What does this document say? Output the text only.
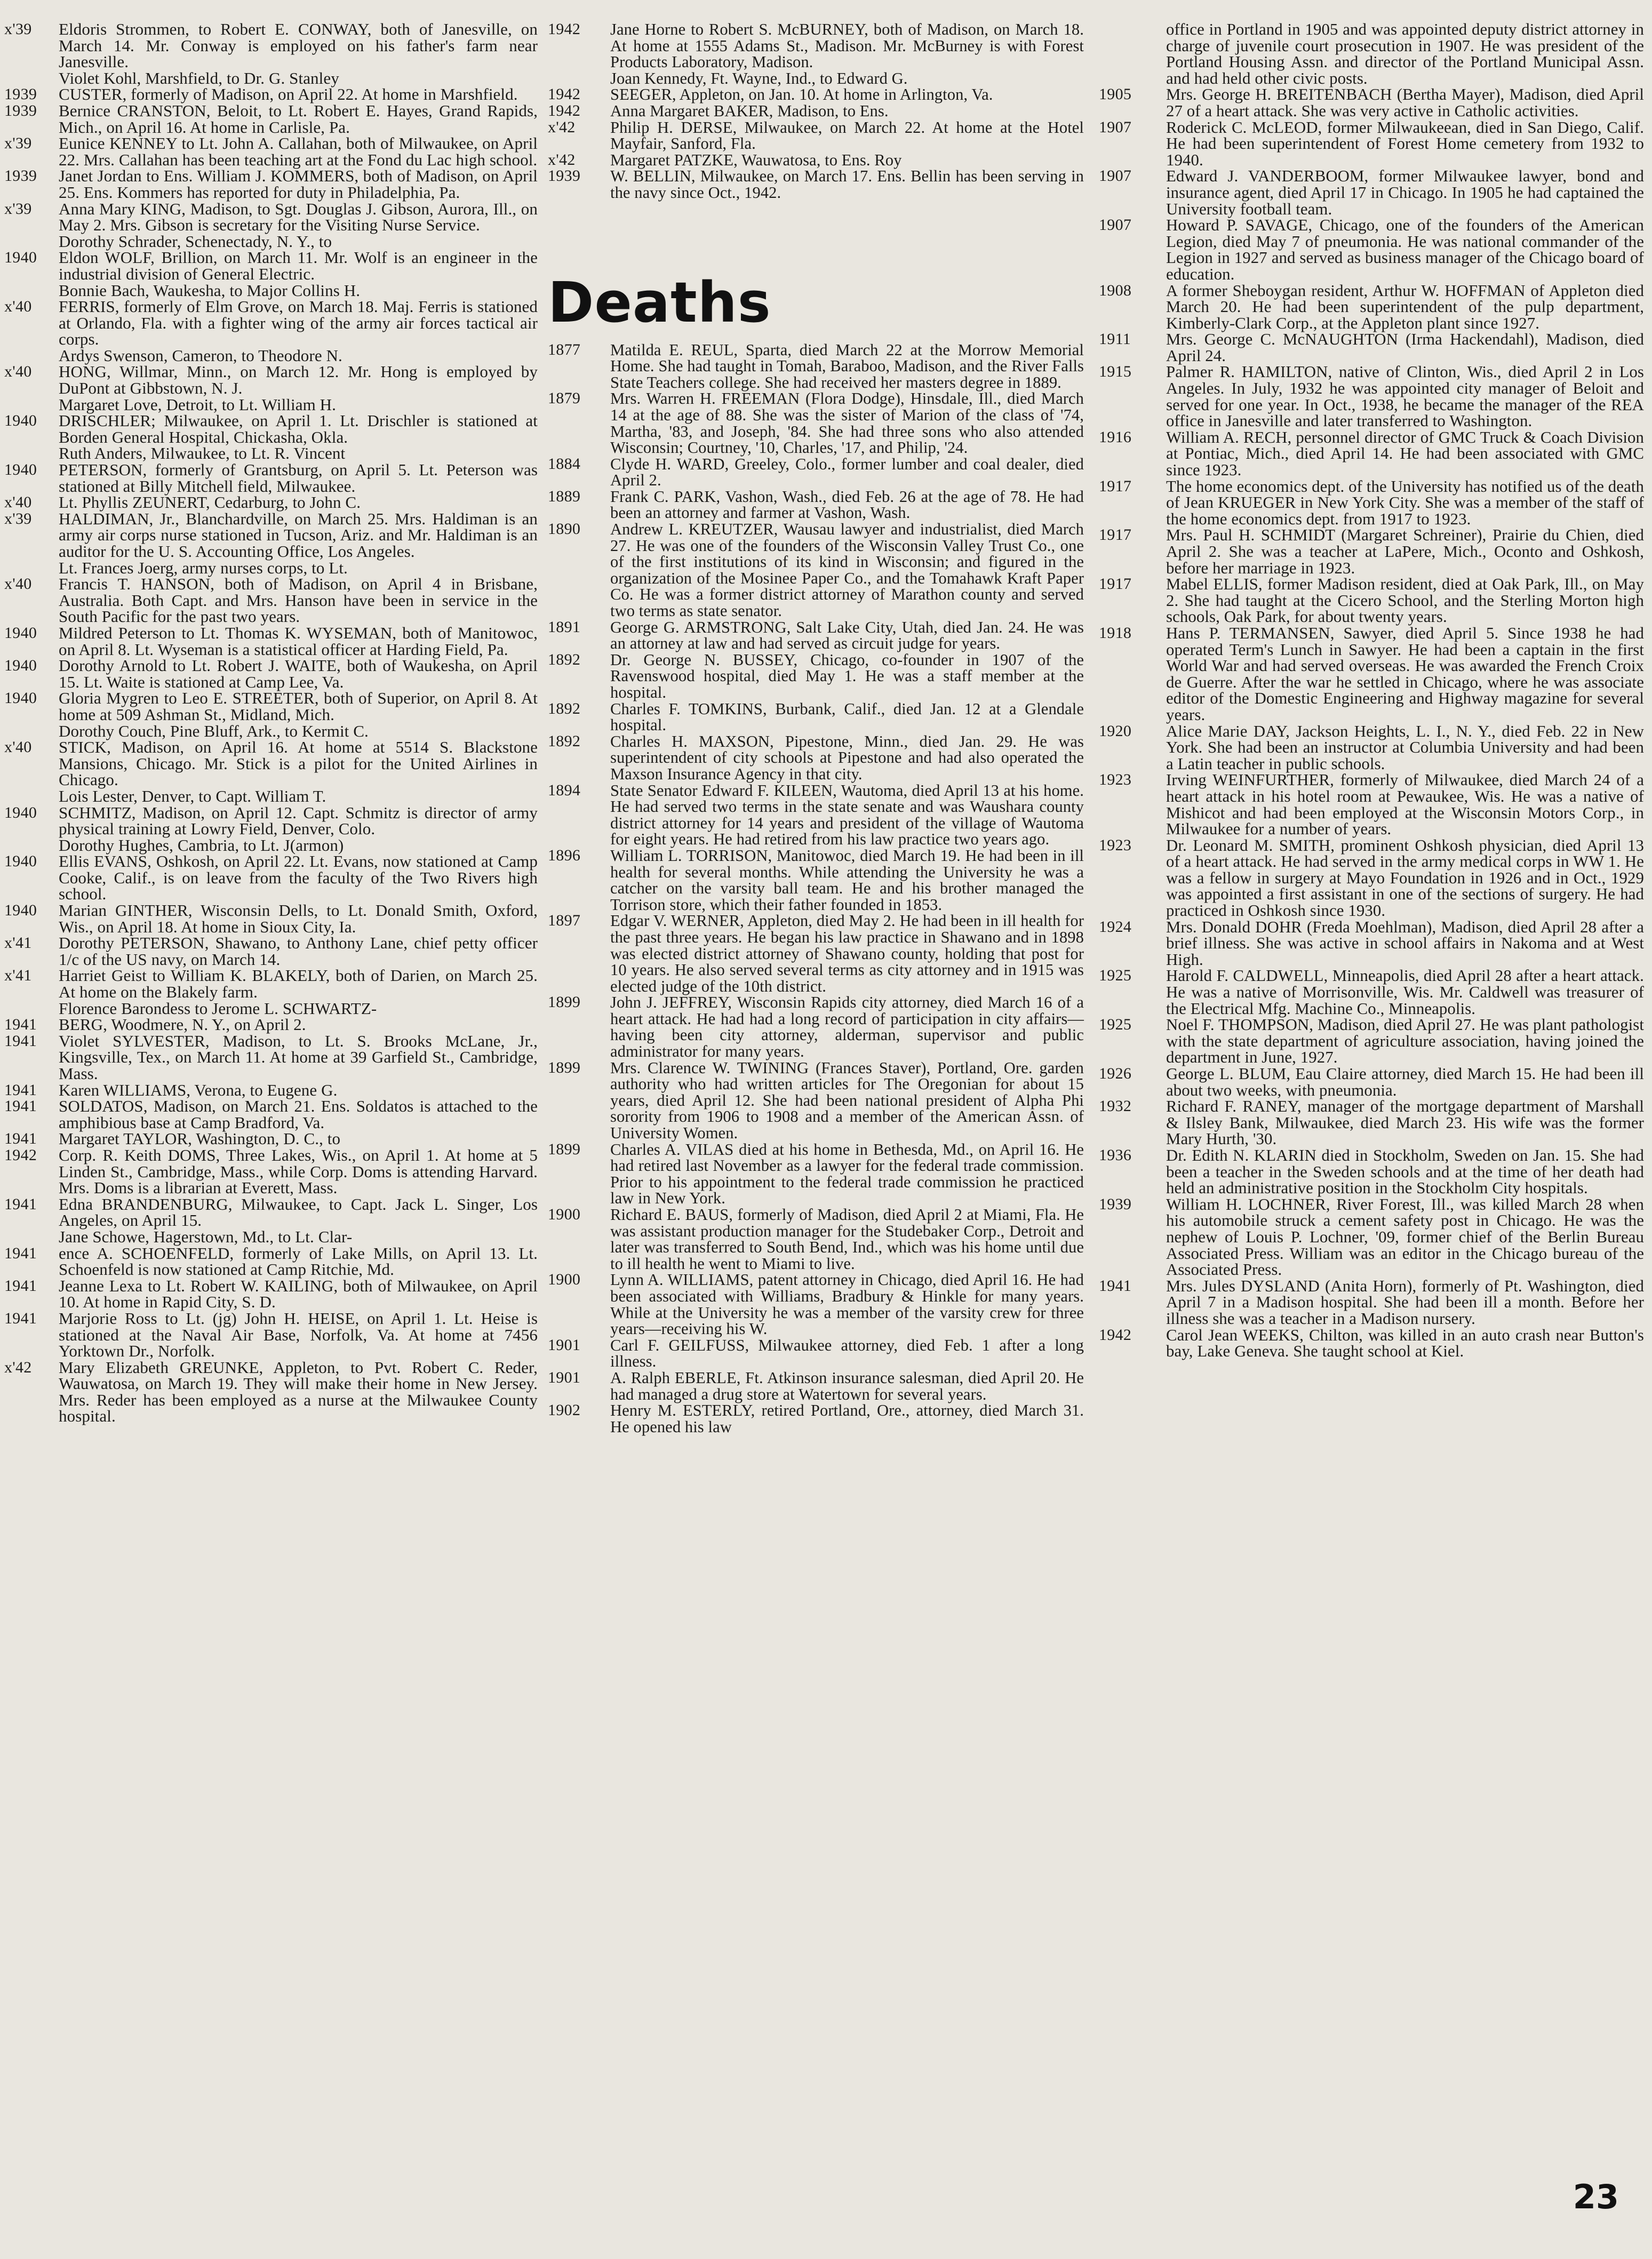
x'39	Eldoris Strommen, to Robert E. CONWAY, both of Janesville, on March 14. Mr. Conway is employed on his father's farm near Janesville.
Violet Kohl, Marshfield, to Dr. G. Stanley
1939	CUSTER, formerly of Madison, on April 22. At home in Marshfield.
1939	Bernice CRANSTON, Beloit, to Lt. Robert E. Hayes, Grand Rapids, Mich., on April 16. At home in Carlisle, Pa.
x'39	Eunice KENNEY to Lt. John A. Callahan, both of Milwaukee, on April 22. Mrs. Callahan has been teaching art at the Fond du Lac high school.
1939	Janet Jordan to Ens. William J. KOMMERS, both of Madison, on April 25. Ens. Kommers has reported for duty in Philadelphia, Pa.
x'39	Anna Mary KING, Madison, to Sgt. Douglas J. Gibson, Aurora, Ill., on May 2. Mrs. Gibson is secretary for the Visiting Nurse Service.
Dorothy Schrader, Schenectady, N. Y., to
1940	Eldon WOLF, Brillion, on March 11. Mr. Wolf is an engineer in the industrial division of General Electric.
Bonnie Bach, Waukesha, to Major Collins H.
x'40	FERRIS, formerly of Elm Grove, on March 18. Maj. Ferris is stationed at Orlando, Fla. with a fighter wing of the army air forces tactical air corps.
Ardys Swenson, Cameron, to Theodore N.
x'40	HONG, Willmar, Minn., on March 12. Mr. Hong is employed by DuPont at Gibbstown, N. J.
Margaret Love, Detroit, to Lt. William H.
1940	DRISCHLER; Milwaukee, on April 1. Lt. Drischler is stationed at Borden General Hospital, Chickasha, Okla.
Ruth Anders, Milwaukee, to Lt. R. Vincent
1940	PETERSON, formerly of Grantsburg, on April 5. Lt. Peterson was stationed at Billy Mitchell field, Milwaukee.
x'40	Lt. Phyllis ZEUNERT, Cedarburg, to John C.
x'39	HALDIMAN, Jr., Blanchardville, on March 25. Mrs. Haldiman is an army air corps nurse stationed in Tucson, Ariz. and Mr. Haldiman is an auditor for the U. S. Accounting Office, Los Angeles.
Lt. Frances Joerg, army nurses corps, to Lt.
x'40	Francis T. HANSON, both of Madison, on April 4 in Brisbane, Australia. Both Capt. and Mrs. Hanson have been in service in the South Pacific for the past two years.
1940	Mildred Peterson to Lt. Thomas K. WYSEMAN, both of Manitowoc, on April 8. Lt. Wyseman is a statistical officer at Harding Field, Pa.
1940	Dorothy Arnold to Lt. Robert J. WAITE, both of Waukesha, on April 15. Lt. Waite is stationed at Camp Lee, Va.
1940	Gloria Mygren to Leo E. STREETER, both of Superior, on April 8. At home at 509 Ashman St., Midland, Mich.
Dorothy Couch, Pine Bluff, Ark., to Kermit C.
x'40	STICK, Madison, on April 16. At home at 5514 S. Blackstone Mansions, Chicago. Mr. Stick is a pilot for the United Airlines in Chicago.
Lois Lester, Denver, to Capt. William T.
1940	SCHMITZ, Madison, on April 12. Capt. Schmitz is director of army physical training at Lowry Field, Denver, Colo.
Dorothy Hughes, Cambria, to Lt. J(armon)
1940	Ellis EVANS, Oshkosh, on April 22. Lt. Evans, now stationed at Camp Cooke, Calif., is on leave from the faculty of the Two Rivers high school.
1940	Marian GINTHER, Wisconsin Dells, to Lt. Donald Smith, Oxford, Wis., on April 18. At home in Sioux City, Ia.
x'41	Dorothy PETERSON, Shawano, to Anthony Lane, chief petty officer 1/c of the US navy, on March 14.
x'41	Harriet Geist to William K. BLAKELY, both of Darien, on March 25. At home on the Blakely farm.
Florence Barondess to Jerome L. SCHWARTZ-
1941	BERG, Woodmere, N. Y., on April 2.
1941	Violet SYLVESTER, Madison, to Lt. S. Brooks McLane, Jr., Kingsville, Tex., on March 11. At home at 39 Garfield St., Cambridge, Mass.
1941	Karen WILLIAMS, Verona, to Eugene G.
1941	SOLDATOS, Madison, on March 21. Ens. Soldatos is attached to the amphibious base at Camp Bradford, Va.
1941	Margaret TAYLOR, Washington, D. C., to
1942	Corp. R. Keith DOMS, Three Lakes, Wis., on April 1. At home at 5 Linden St., Cambridge, Mass., while Corp. Doms is attending Harvard. Mrs. Doms is a librarian at Everett, Mass.
1941	Edna BRANDENBURG, Milwaukee, to Capt. Jack L. Singer, Los Angeles, on April 15.
Jane Schowe, Hagerstown, Md., to Lt. Clar-
1941	ence A. SCHOENFELD, formerly of Lake Mills, on April 13. Lt. Schoenfeld is now stationed at Camp Ritchie, Md.
1941	Jeanne Lexa to Lt. Robert W. KAILING, both of Milwaukee, on April 10. At home in Rapid City, S. D.
1941	Marjorie Ross to Lt. (jg) John H. HEISE, on April 1. Lt. Heise is stationed at the Naval Air Base, Norfolk, Va. At home at 7456 Yorktown Dr., Norfolk.
x'42	Mary Elizabeth GREUNKE, Appleton, to Pvt. Robert C. Reder, Wauwatosa, on March 19. They will make their home in New Jersey. Mrs. Reder has been employed as a nurse at the Milwaukee County hospital.
1942	Jane Horne to Robert S. McBURNEY, both of Madison, on March 18. At home at 1555 Adams St., Madison. Mr. McBurney is with Forest Products Laboratory, Madison.
Joan Kennedy, Ft. Wayne, Ind., to Edward G.
1942	SEEGER, Appleton, on Jan. 10. At home in Arlington, Va.
1942	Anna Margaret BAKER, Madison, to Ens.
x'42	Philip H. DERSE, Milwaukee, on March 22. At home at the Hotel Mayfair, Sanford, Fla.
x'42	Margaret PATZKE, Wauwatosa, to Ens. Roy
1939	W. BELLIN, Milwaukee, on March 17. Ens. Bellin has been serving in the navy since Oct., 1942.
Deaths
1877	Matilda E. REUL, Sparta, died March 22 at the Morrow Memorial Home. She had taught in Tomah, Baraboo, Madison, and the River Falls State Teachers college. She had received her masters degree in 1889.
1879	Mrs. Warren H. FREEMAN (Flora Dodge), Hinsdale, Ill., died March 14 at the age of 88. She was the sister of Marion of the class of '74, Martha, '83, and Joseph, '84. She had three sons who also attended Wisconsin; Courtney, '10, Charles, '17, and Philip, '24.
1884	Clyde H. WARD, Greeley, Colo., former lumber and coal dealer, died April 2.
1889	Frank C. PARK, Vashon, Wash., died Feb. 26 at the age of 78. He had been an attorney and farmer at Vashon, Wash.
1890	Andrew L. KREUTZER, Wausau lawyer and industrialist, died March 27. He was one of the founders of the Wisconsin Valley Trust Co., one of the first institutions of its kind in Wisconsin; and figured in the organization of the Mosinee Paper Co., and the Tomahawk Kraft Paper Co. He was a former district attorney of Marathon county and served two terms as state senator.
1891	George G. ARMSTRONG, Salt Lake City, Utah, died Jan. 24. He was an attorney at law and had served as circuit judge for years.
1892	Dr. George N. BUSSEY, Chicago, co-founder in 1907 of the Ravenswood hospital, died May 1. He was a staff member at the hospital.
1892	Charles F. TOMKINS, Burbank, Calif., died Jan. 12 at a Glendale hospital.
1892	Charles H. MAXSON, Pipestone, Minn., died Jan. 29. He was superintendent of city schools at Pipestone and had also operated the Maxson Insurance Agency in that city.
1894	State Senator Edward F. KILEEN, Wautoma, died April 13 at his home. He had served two terms in the state senate and was Waushara county district attorney for 14 years and president of the village of Wautoma for eight years. He had retired from his law practice two years ago.
1896	William L. TORRISON, Manitowoc, died March 19. He had been in ill health for several months. While attending the University he was a catcher on the varsity ball team. He and his brother managed the Torrison store, which their father founded in 1853.
1897	Edgar V. WERNER, Appleton, died May 2. He had been in ill health for the past three years. He began his law practice in Shawano and in 1898 was elected district attorney of Shawano county, holding that post for 10 years. He also served several terms as city attorney and in 1915 was elected judge of the 10th district.
1899	John J. JEFFREY, Wisconsin Rapids city attorney, died March 16 of a heart attack. He had had a long record of participation in city affairs—having been city attorney, alderman, supervisor and public administrator for many years.
1899	Mrs. Clarence W. TWINING (Frances Staver), Portland, Ore. garden authority who had written articles for The Oregonian for about 15 years, died April 12. She had been national president of Alpha Phi sorority from 1906 to 1908 and a member of the American Assn. of University Women.
1899	Charles A. VILAS died at his home in Bethesda, Md., on April 16. He had retired last November as a lawyer for the federal trade commission. Prior to his appointment to the federal trade commission he practiced law in New York.
1900	Richard E. BAUS, formerly of Madison, died April 2 at Miami, Fla. He was assistant production manager for the Studebaker Corp., Detroit and later was transferred to South Bend, Ind., which was his home until due to ill health he went to Miami to live.
1900	Lynn A. WILLIAMS, patent attorney in Chicago, died April 16. He had been associated with Williams, Bradbury & Hinkle for many years. While at the University he was a member of the varsity crew for three years—receiving his W.
1901	Carl F. GEILFUSS, Milwaukee attorney, died Feb. 1 after a long illness.
1901	A. Ralph EBERLE, Ft. Atkinson insurance salesman, died April 20. He had managed a drug store at Watertown for several years.
1902	Henry M. ESTERLY, retired Portland, Ore., attorney, died March 31. He opened his law
office in Portland in 1905 and was appointed deputy district attorney in charge of juvenile court prosecution in 1907. He was president of the Portland Housing Assn. and director of the Portland Municipal Assn. and had held other civic posts.
1905	Mrs. George H. BREITENBACH (Bertha Mayer), Madison, died April 27 of a heart attack. She was very active in Catholic activities.
1907	Roderick C. McLEOD, former Milwaukeean, died in San Diego, Calif. He had been superintendent of Forest Home cemetery from 1932 to 1940.
1907	Edward J. VANDERBOOM, former Milwaukee lawyer, bond and insurance agent, died April 17 in Chicago. In 1905 he had captained the University football team.
1907	Howard P. SAVAGE, Chicago, one of the founders of the American Legion, died May 7 of pneumonia. He was national commander of the Legion in 1927 and served as business manager of the Chicago board of education.
1908	A former Sheboygan resident, Arthur W. HOFFMAN of Appleton died March 20. He had been superintendent of the pulp department, Kimberly-Clark Corp., at the Appleton plant since 1927.
1911	Mrs. George C. McNAUGHTON (Irma Hackendahl), Madison, died April 24.
1915	Palmer R. HAMILTON, native of Clinton, Wis., died April 2 in Los Angeles. In July, 1932 he was appointed city manager of Beloit and served for one year. In Oct., 1938, he became the manager of the REA office in Janesville and later transferred to Washington.
1916	William A. RECH, personnel director of GMC Truck & Coach Division at Pontiac, Mich., died April 14. He had been associated with GMC since 1923.
1917	The home economics dept. of the University has notified us of the death of Jean KRUEGER in New York City. She was a member of the staff of the home economics dept. from 1917 to 1923.
1917	Mrs. Paul H. SCHMIDT (Margaret Schreiner), Prairie du Chien, died April 2. She was a teacher at LaPere, Mich., Oconto and Oshkosh, before her marriage in 1923.
1917	Mabel ELLIS, former Madison resident, died at Oak Park, Ill., on May 2. She had taught at the Cicero School, and the Sterling Morton high schools, Oak Park, for about twenty years.
1918	Hans P. TERMANSEN, Sawyer, died April 5. Since 1938 he had operated Term's Lunch in Sawyer. He had been a captain in the first World War and had served overseas. He was awarded the French Croix de Guerre. After the war he settled in Chicago, where he was associate editor of the Domestic Engineering and Highway magazine for several years.
1920	Alice Marie DAY, Jackson Heights, L. I., N. Y., died Feb. 22 in New York. She had been an instructor at Columbia University and had been a Latin teacher in public schools.
1923	Irving WEINFURTHER, formerly of Milwaukee, died March 24 of a heart attack in his hotel room at Pewaukee, Wis. He was a native of Mishicot and had been employed at the Wisconsin Motors Corp., in Milwaukee for a number of years.
1923	Dr. Leonard M. SMITH, prominent Oshkosh physician, died April 13 of a heart attack. He had served in the army medical corps in WW 1. He was a fellow in surgery at Mayo Foundation in 1926 and in Oct., 1929 was appointed a first assistant in one of the sections of surgery. He had practiced in Oshkosh since 1930.
1924	Mrs. Donald DOHR (Freda Moehlman), Madison, died April 28 after a brief illness. She was active in school affairs in Nakoma and at West High.
1925	Harold F. CALDWELL, Minneapolis, died April 28 after a heart attack. He was a native of Morrisonville, Wis. Mr. Caldwell was treasurer of the Electrical Mfg. Machine Co., Minneapolis.
1925	Noel F. THOMPSON, Madison, died April 27. He was plant pathologist with the state department of agriculture association, having joined the department in June, 1927.
1926	George L. BLUM, Eau Claire attorney, died March 15. He had been ill about two weeks, with pneumonia.
1932	Richard F. RANEY, manager of the mortgage department of Marshall & Ilsley Bank, Milwaukee, died March 23. His wife was the former Mary Hurth, '30.
1936	Dr. Edith N. KLARIN died in Stockholm, Sweden on Jan. 15. She had been a teacher in the Sweden schools and at the time of her death had held an administrative position in the Stockholm City hospitals.
1939	William H. LOCHNER, River Forest, Ill., was killed March 28 when his automobile struck a cement safety post in Chicago. He was the nephew of Louis P. Lochner, '09, former chief of the Berlin Bureau Associated Press. William was an editor in the Chicago bureau of the Associated Press.
1941	Mrs. Jules DYSLAND (Anita Horn), formerly of Pt. Washington, died April 7 in a Madison hospital. She had been ill a month. Before her illness she was a teacher in a Madison nursery.
1942	Carol Jean WEEKS, Chilton, was killed in an auto crash near Button's bay, Lake Geneva. She taught school at Kiel.
23
